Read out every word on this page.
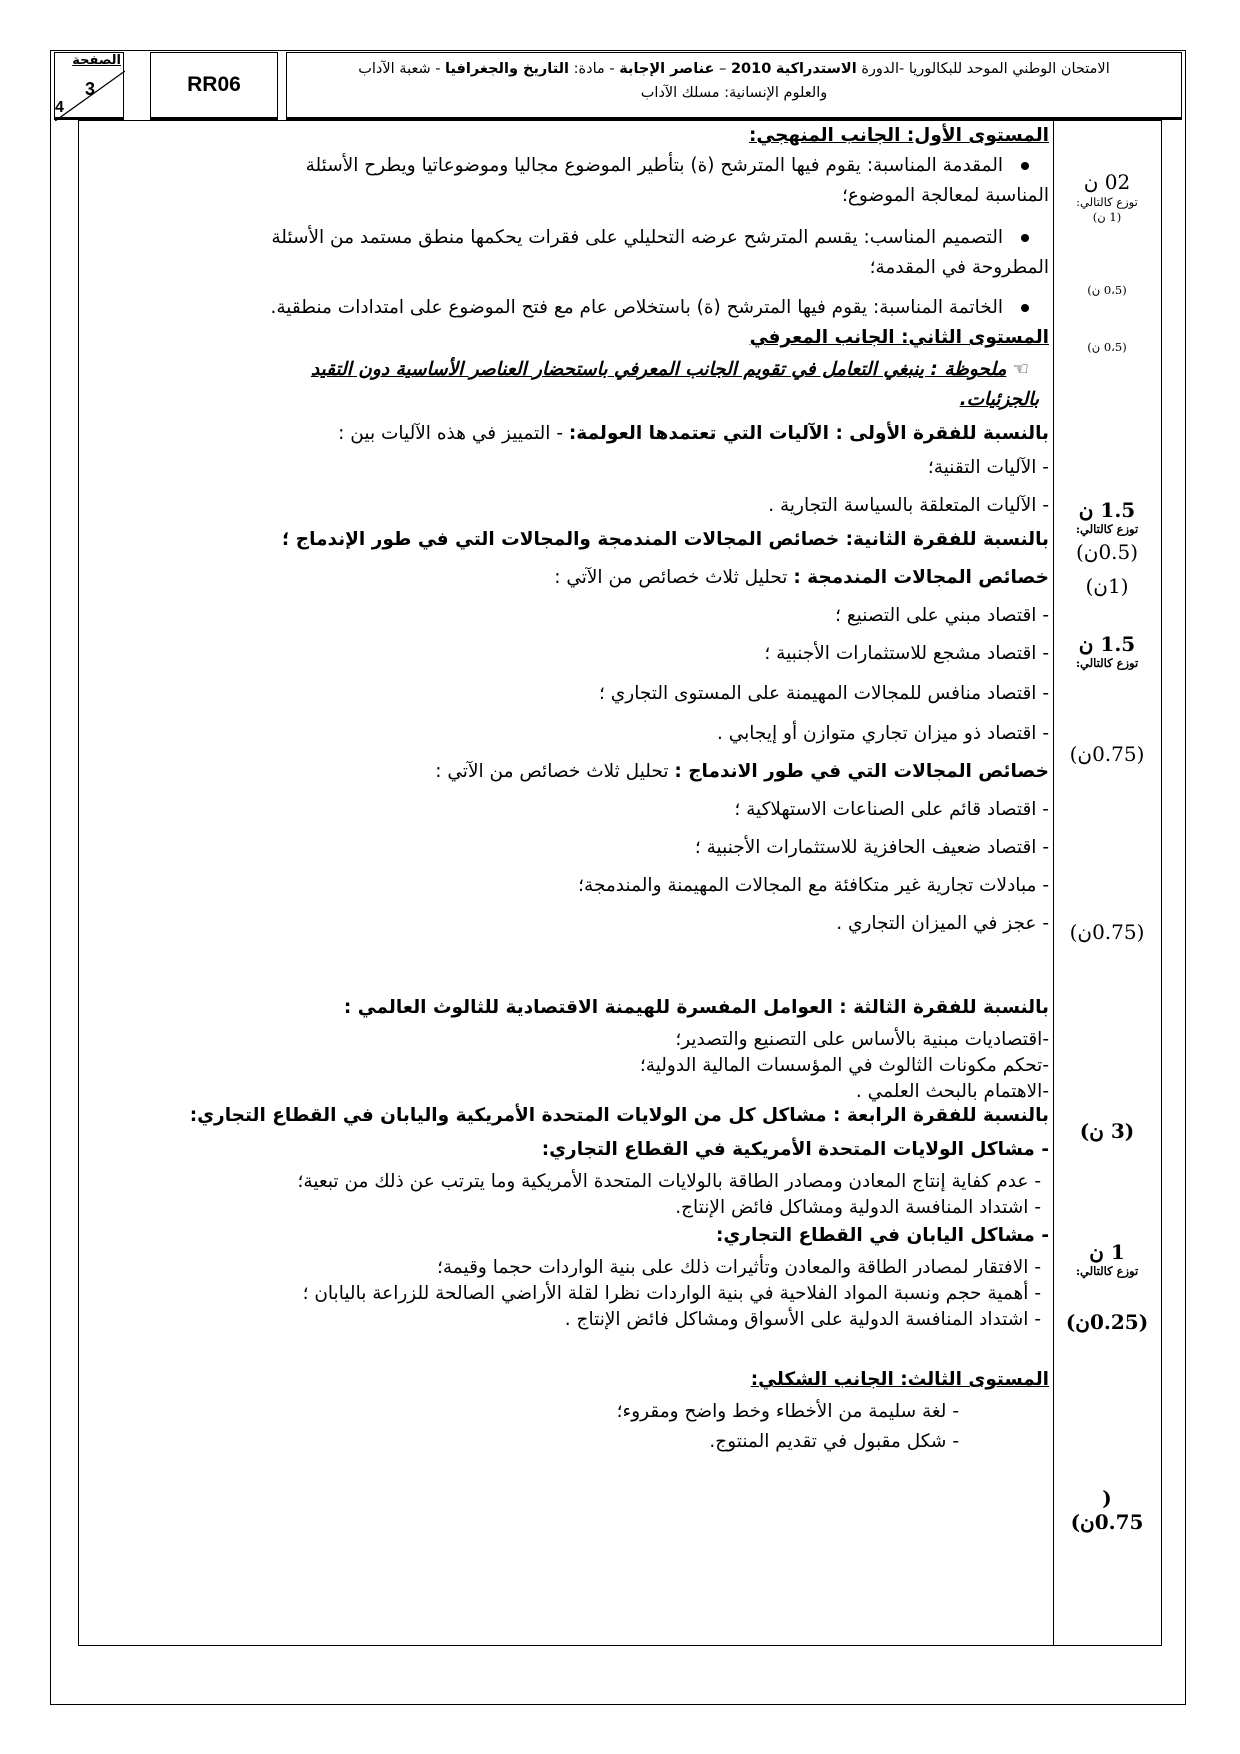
الامتحان الوطني الموحد للبكالوريا -الدورة الاستدراكية 2010 – عناصر الإجابة - مادة: التاريخ والجغرافيا - شعبة الآداب
والعلوم الإنسانية: مسلك الآداب
RR06
الصفحة
3
4
02 ن
توزع كالتالي:
(1 ن)
(0،5 ن)
(0،5 ن)
1.5 ن
توزع كالتالي:
(0.5ن)
(1ن)
1.5 ن
توزع كالتالي:
(0.75ن)
(0.75ن)
(3 ن)
1 ن
توزع كالتالي:
(0.25ن)
(
0.75ن)
المستوى الأول: الجانب المنهجي:
المقدمة المناسبة: يقوم فيها المترشح (ة) بتأطير الموضوع مجاليا وموضوعاتيا ويطرح الأسئلة
المناسبة لمعالجة الموضوع؛
التصميم المناسب: يقسم المترشح عرضه التحليلي على فقرات يحكمها منطق مستمد من الأسئلة
المطروحة في المقدمة؛
الخاتمة المناسبة: يقوم فيها المترشح (ة) باستخلاص عام مع فتح الموضوع على امتدادات منطقية.
المستوى الثاني: الجانب المعرفي
☜ملحوظة : ينبغي التعامل في تقويم الجانب المعرفي باستحضار العناصر الأساسية دون التقيد
بالجزئيات.
بالنسبة للفقرة الأولى : الآليات التي تعتمدها العولمة: - التمييز في هذه الآليات بين :
- الآليات التقنية؛
- الآليات المتعلقة بالسياسة التجارية .
بالنسبة للفقرة الثانية: خصائص المجالات المندمجة والمجالات التي في طور الإندماج ؛
خصائص المجالات المندمجة : تحليل ثلاث خصائص من الآتي :
- اقتصاد مبني على التصنيع ؛
- اقتصاد مشجع للاستثمارات الأجنبية ؛
- اقتصاد منافس للمجالات المهيمنة على المستوى التجاري ؛
- اقتصاد ذو ميزان تجاري متوازن أو إيجابي .
خصائص المجالات التي في طور الاندماج : تحليل ثلاث خصائص من الآتي :
- اقتصاد قائم على الصناعات الاستهلاكية ؛
- اقتصاد ضعيف الحافزية للاستثمارات الأجنبية ؛
- مبادلات تجارية غير متكافئة مع المجالات المهيمنة والمندمجة؛
- عجز في الميزان التجاري .
بالنسبة للفقرة الثالثة : العوامل المفسرة للهيمنة الاقتصادية للثالوث العالمي :
-اقتصاديات مبنية بالأساس على التصنيع والتصدير؛
-تحكم مكونات الثالوث في المؤسسات المالية الدولية؛
-الاهتمام بالبحث العلمي .
بالنسبة للفقرة الرابعة : مشاكل كل من الولايات المتحدة الأمريكية واليابان في القطاع التجاري:
- مشاكل الولايات المتحدة الأمريكية في القطاع التجاري:
- عدم كفاية إنتاج المعادن ومصادر الطاقة بالولايات المتحدة الأمريكية وما يترتب عن ذلك من تبعية؛
- اشتداد المنافسة الدولية ومشاكل فائض الإنتاج.
- مشاكل اليابان في القطاع التجاري:
- الافتقار لمصادر الطاقة والمعادن وتأثيرات ذلك على بنية الواردات حجما وقيمة؛
- أهمية حجم ونسبة المواد الفلاحية في بنية الواردات نظرا لقلة الأراضي الصالحة للزراعة باليابان ؛
- اشتداد المنافسة الدولية على الأسواق ومشاكل فائض الإنتاج .
المستوى الثالث: الجانب الشكلي:
- لغة سليمة من الأخطاء وخط واضح ومقروء؛
- شكل مقبول في تقديم المنتوج.
